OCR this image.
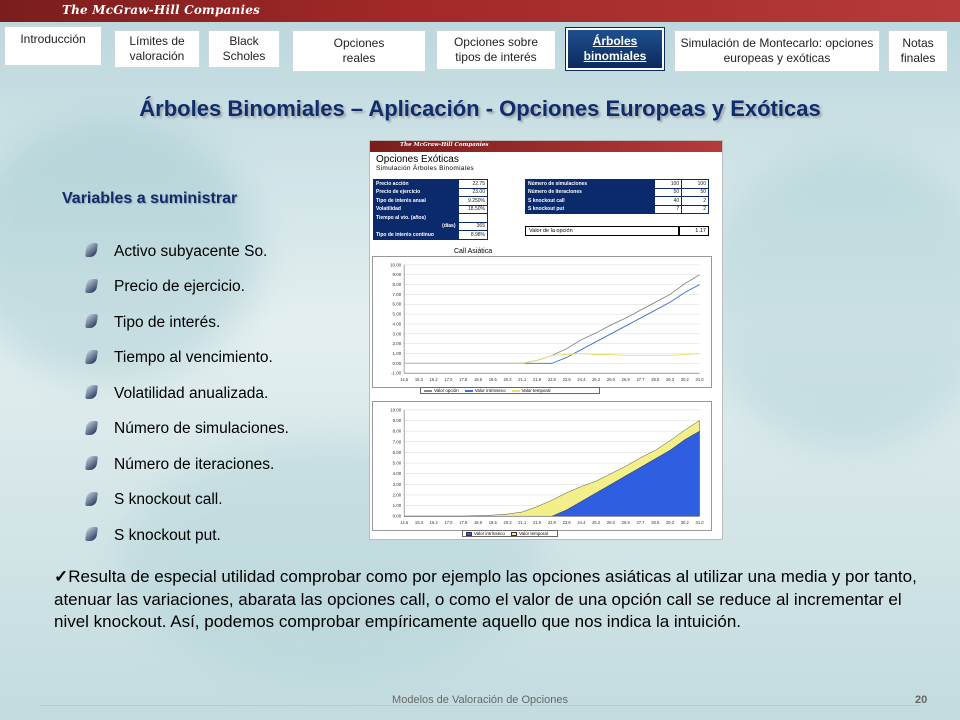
The McGraw-Hill Companies
Introducción	Límites de valoración
Black Scholes
Opciones reales
Opciones sobre tipos de interés
Árboles binomiales
Simulación de Montecarlo: opciones europeas y exóticas
Notas finales
Árboles Binomiales – Aplicación - Opciones Europeas y Exóticas
Variables a suministrar
Activo subyacente So.
Precio de ejercicio.
Tipo de interés.
Tiempo al vencimiento.
Volatilidad anualizada.
Número de simulaciones.
Número de iteraciones.
S knockout call.
S knockout put.
The McGraw-Hill Companies
Opciones Exóticas
Simulación Árboles Binomiales
Precio acción	22.75
Precio de ejercicio	23.00
Tipo de interés anual	9.250%
Volatilidad	18.50%
Tiempo al vto. (años)	
(días)	365
Tipo de interés continuo	8.98%
Número de simulaciones	100	100
Número de iteraciones	50	50
S knockout call	40	2
S knockout put	7	2
Valor de la opción	1.17
Call Asiática
Valor opción - Límite
10.00
9.00
8.00
7.00
6.00
5.00
4.00
3.00
2.00
1.00
0.00
-1.00
14.5 15.3 16.2 17.0 17.8 18.6 19.5 20.3 21.1 21.9 22.8 23.6 24.4 25.2 26.0 26.9 27.7 28.5 29.3 30.2 31.0
Valor opción	Valor intrínseco	Valor temporal
Valor opción - Límite
10.00
9.00
8.00
7.00
6.00
5.00
4.00
3.00
2.00
1.00
0.00
14.5 15.3 16.2 17.0 17.8 18.6 19.5 20.3 21.1 21.9 22.8 23.6 24.4 25.2 26.0 26.9 27.7 28.5 29.3 30.2 31.0
Valor intrínseco	Valor temporal
✓Resulta de especial utilidad comprobar como por ejemplo las opciones asiáticas al utilizar una media y por tanto, atenuar las variaciones, abarata las opciones call, o como el valor de una opción call se reduce al incrementar el nivel knockout. Así, podemos comprobar empíricamente aquello que nos indica la intuición.
Modelos de Valoración de Opciones	20
